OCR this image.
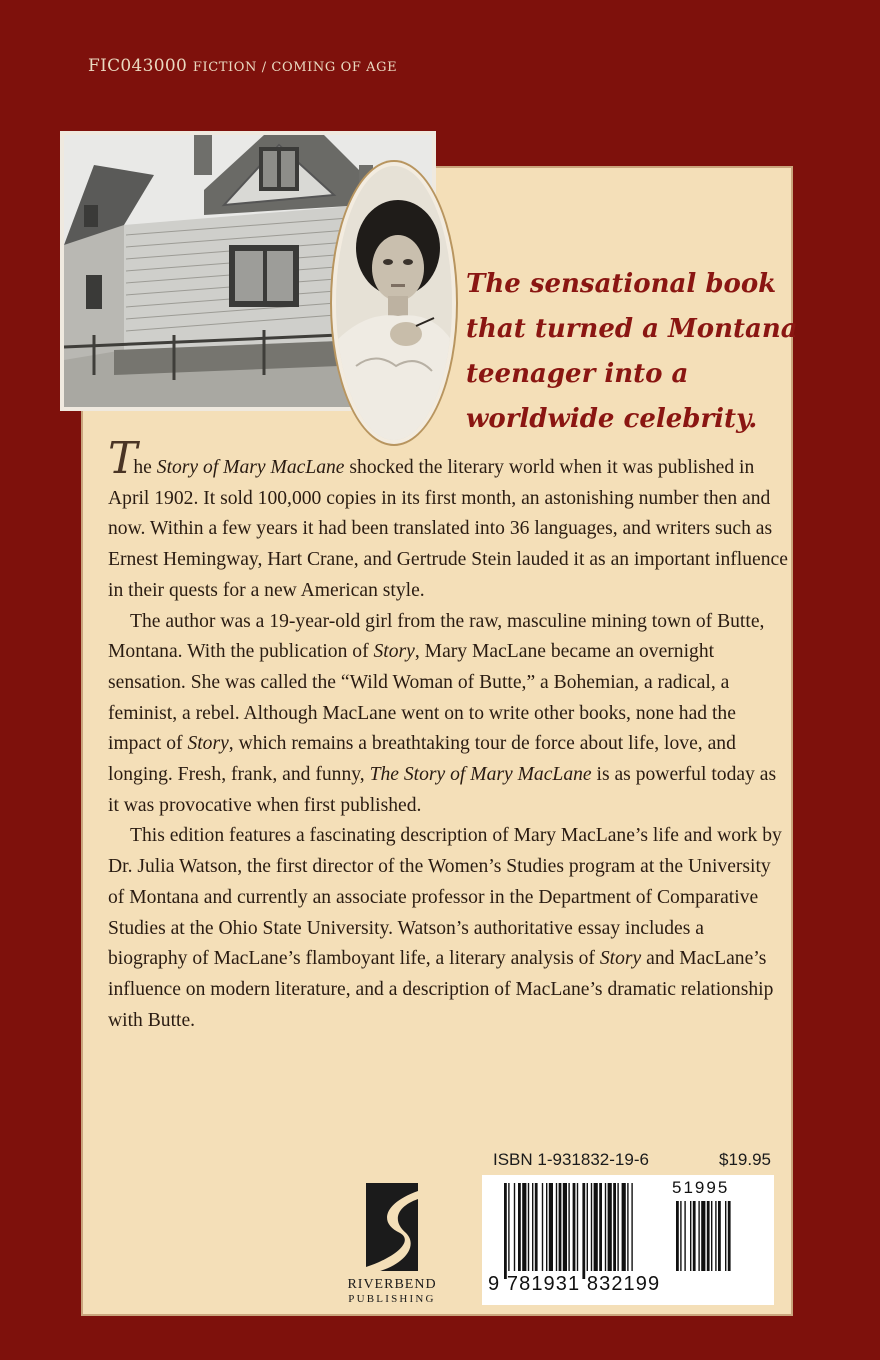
FIC043000 FICTION / COMING OF AGE
The sensational book
that turned a Montana
teenager into a
worldwide celebrity.

The Story of Mary MacLane shocked the literary world when it was published in April 1902. It sold 100,000 copies in its first month, an astonishing number then and now. Within a few years it had been translated into 36 languages, and writers such as Ernest Hemingway, Hart Crane, and Gertrude Stein lauded it as an important influence in their quests for a new American style.

The author was a 19-year-old girl from the raw, masculine mining town of Butte, Montana. With the publication of Story, Mary MacLane became an overnight sensation. She was called the “Wild Woman of Butte,” a Bohemian, a radical, a feminist, a rebel. Although MacLane went on to write other books, none had the impact of Story, which remains a breathtaking tour de force about life, love, and longing. Fresh, frank, and funny, The Story of Mary MacLane is as powerful today as it was provocative when first published.

This edition features a fascinating description of Mary MacLane’s life and work by Dr. Julia Watson, the first director of the Women’s Studies program at the University of Montana and currently an associate professor in the Department of Comparative Studies at the Ohio State University. Watson’s authoritative essay includes a biography of MacLane’s flamboyant life, a literary analysis of Story and MacLane’s influence on modern literature, and a description of MacLane’s dramatic relationship with Butte.

RIVERBEND
PUBLISHING
ISBN 1-931832-19-6	$19.95
51995
9 781931 832199
